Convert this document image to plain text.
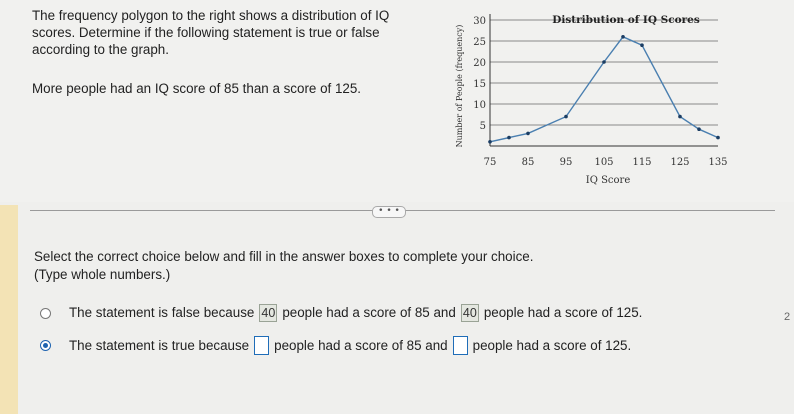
The frequency polygon to the right shows a distribution of IQ scores. Determine if the following statement is true or false according to the graph.

More people had an IQ score of 85 than a score of 125.

5
10
15
20
25
30
75	85	95 105 115 125 135
Distribution of IQ Scores
IQ Score
Number of People (frequency)
• • •

Select the correct choice below and fill in the answer boxes to complete your choice.

(Type whole numbers.)

The statement is false because 40 people had a score of 85 and 40 people had a score of 125.
The statement is true because people had a score of 85 and people had a score of 125.
2
